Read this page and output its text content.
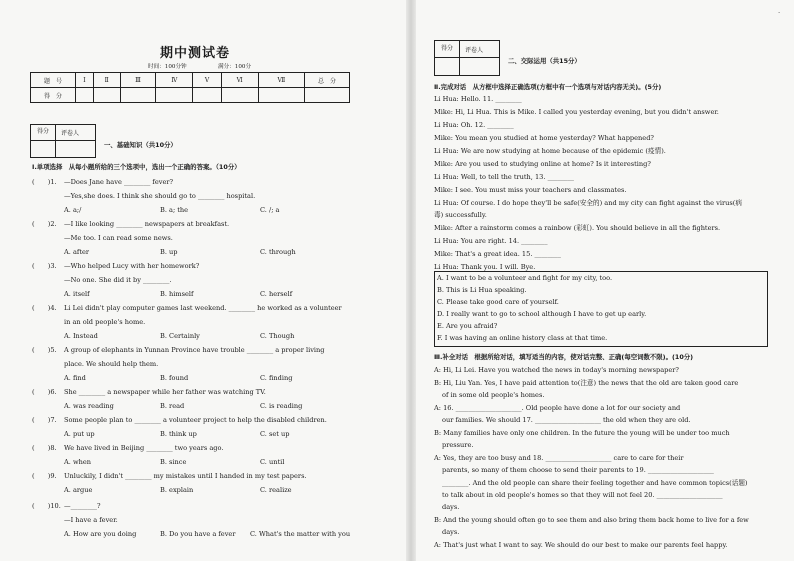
期中测试卷
时间：100分钟	满分：100分
题　号	Ⅰ	Ⅱ	Ⅲ	Ⅳ	Ⅴ	Ⅵ	Ⅶ	总　分
得　分								
得分	评卷人
一、基础知识（共10分）
Ⅰ.单项选择　从每小题所给的三个选项中，选出一个正确的答案。（10分）
(　　)1. —Does Jane have ________ fever?
—Yes,she does. I think she should go to ________ hospital.
A. a;/	B. a; the	C. /; a
(　　)2. —I like looking ________ newspapers at breakfast.
—Me too. I can read some news.
A. after	B. up	C. through
(　　)3. —Who helped Lucy with her homework?
—No one. She did it by ________.
A. itself	B. himself	C. herself
(　　)4. Li Lei didn't play computer games last weekend. ________ he worked as a volunteer
in an old people's home.
A. Instead	B. Certainly	C. Though
(　　)5. A group of elephants in Yunnan Province have trouble ________ a proper living
place. We should help them.
A. find	B. found	C. finding
(　　)6. She ________ a newspaper while her father was watching TV.
A. was reading	B. read	C. is reading
(　　)7. Some people plan to ________ a volunteer project to help the disabled children.
A. put up	B. think up	C. set up
(　　)8. We have lived in Beijing ________ two years ago.
A. when	B. since	C. until
(　　)9. Unluckily, I didn't ________ my mistakes until I handed in my test papers.
A. argue	B. explain	C. realize
(　　)10. —________?
—I have a fever.
A. How are you doing	B. Do you have a fever C. What's the matter with you
·
得分	评卷人
二、交际运用（共15分）
Ⅱ.完成对话　从方框中选择正确选项(方框中有一个选项与对话内容无关)。(5分)
Li Hua: Hello. 11. ________
Mike: Hi, Li Hua. This is Mike. I called you yesterday evening, but you didn't answer.
Li Hua: Oh. 12. ________
Mike: You mean you studied at home yesterday? What happened?
Li Hua: We are now studying at home because of the epidemic (疫情).
Mike: Are you used to studying online at home? Is it interesting?
Li Hua: Well, to tell the truth, 13. ________
Mike: I see. You must miss your teachers and classmates.
Li Hua: Of course. I do hope they'll be safe(安全的) and my city can fight against the virus(病
毒) successfully.
Mike: After a rainstorm comes a rainbow (彩虹). You should believe in all the fighters.
Li Hua: You are right. 14. ________
Mike: That's a great idea. 15. ________
Li Hua: Thank you. I will. Bye.
A. I want to be a volunteer and fight for my city, too.
B. This is Li Hua speaking.
C. Please take good care of yourself.
D. I really want to go to school although I have to get up early.
E. Are you afraid?
F. I was having an online history class at that time.
Ⅲ.补全对话　根据所给对话，填写适当的内容，使对话完整、正确(每空词数不限)。(10分)
A: Hi, Li Lei. Have you watched the news in today's morning newspaper?
B: Hi, Liu Yan. Yes, I have paid attention to(注意) the news that the old are taken good care
of in some old people's homes.
A: 16. ____________________. Old people have done a lot for our society and
our families. We should 17. ____________________ the old when they are old.
B: Many families have only one children. In the future the young will be under too much
pressure.
A: Yes, they are too busy and 18. ____________________ care to care for their
parents, so many of them choose to send their parents to 19. ____________________
________. And the old people can share their feeling together and have common topics(话题)
to talk about in old people's homes so that they will not feel 20. ____________________
days.
B: And the young should often go to see them and also bring them back home to live for a few
days.
A: That's just what I want to say. We should do our best to make our parents feel happy.
